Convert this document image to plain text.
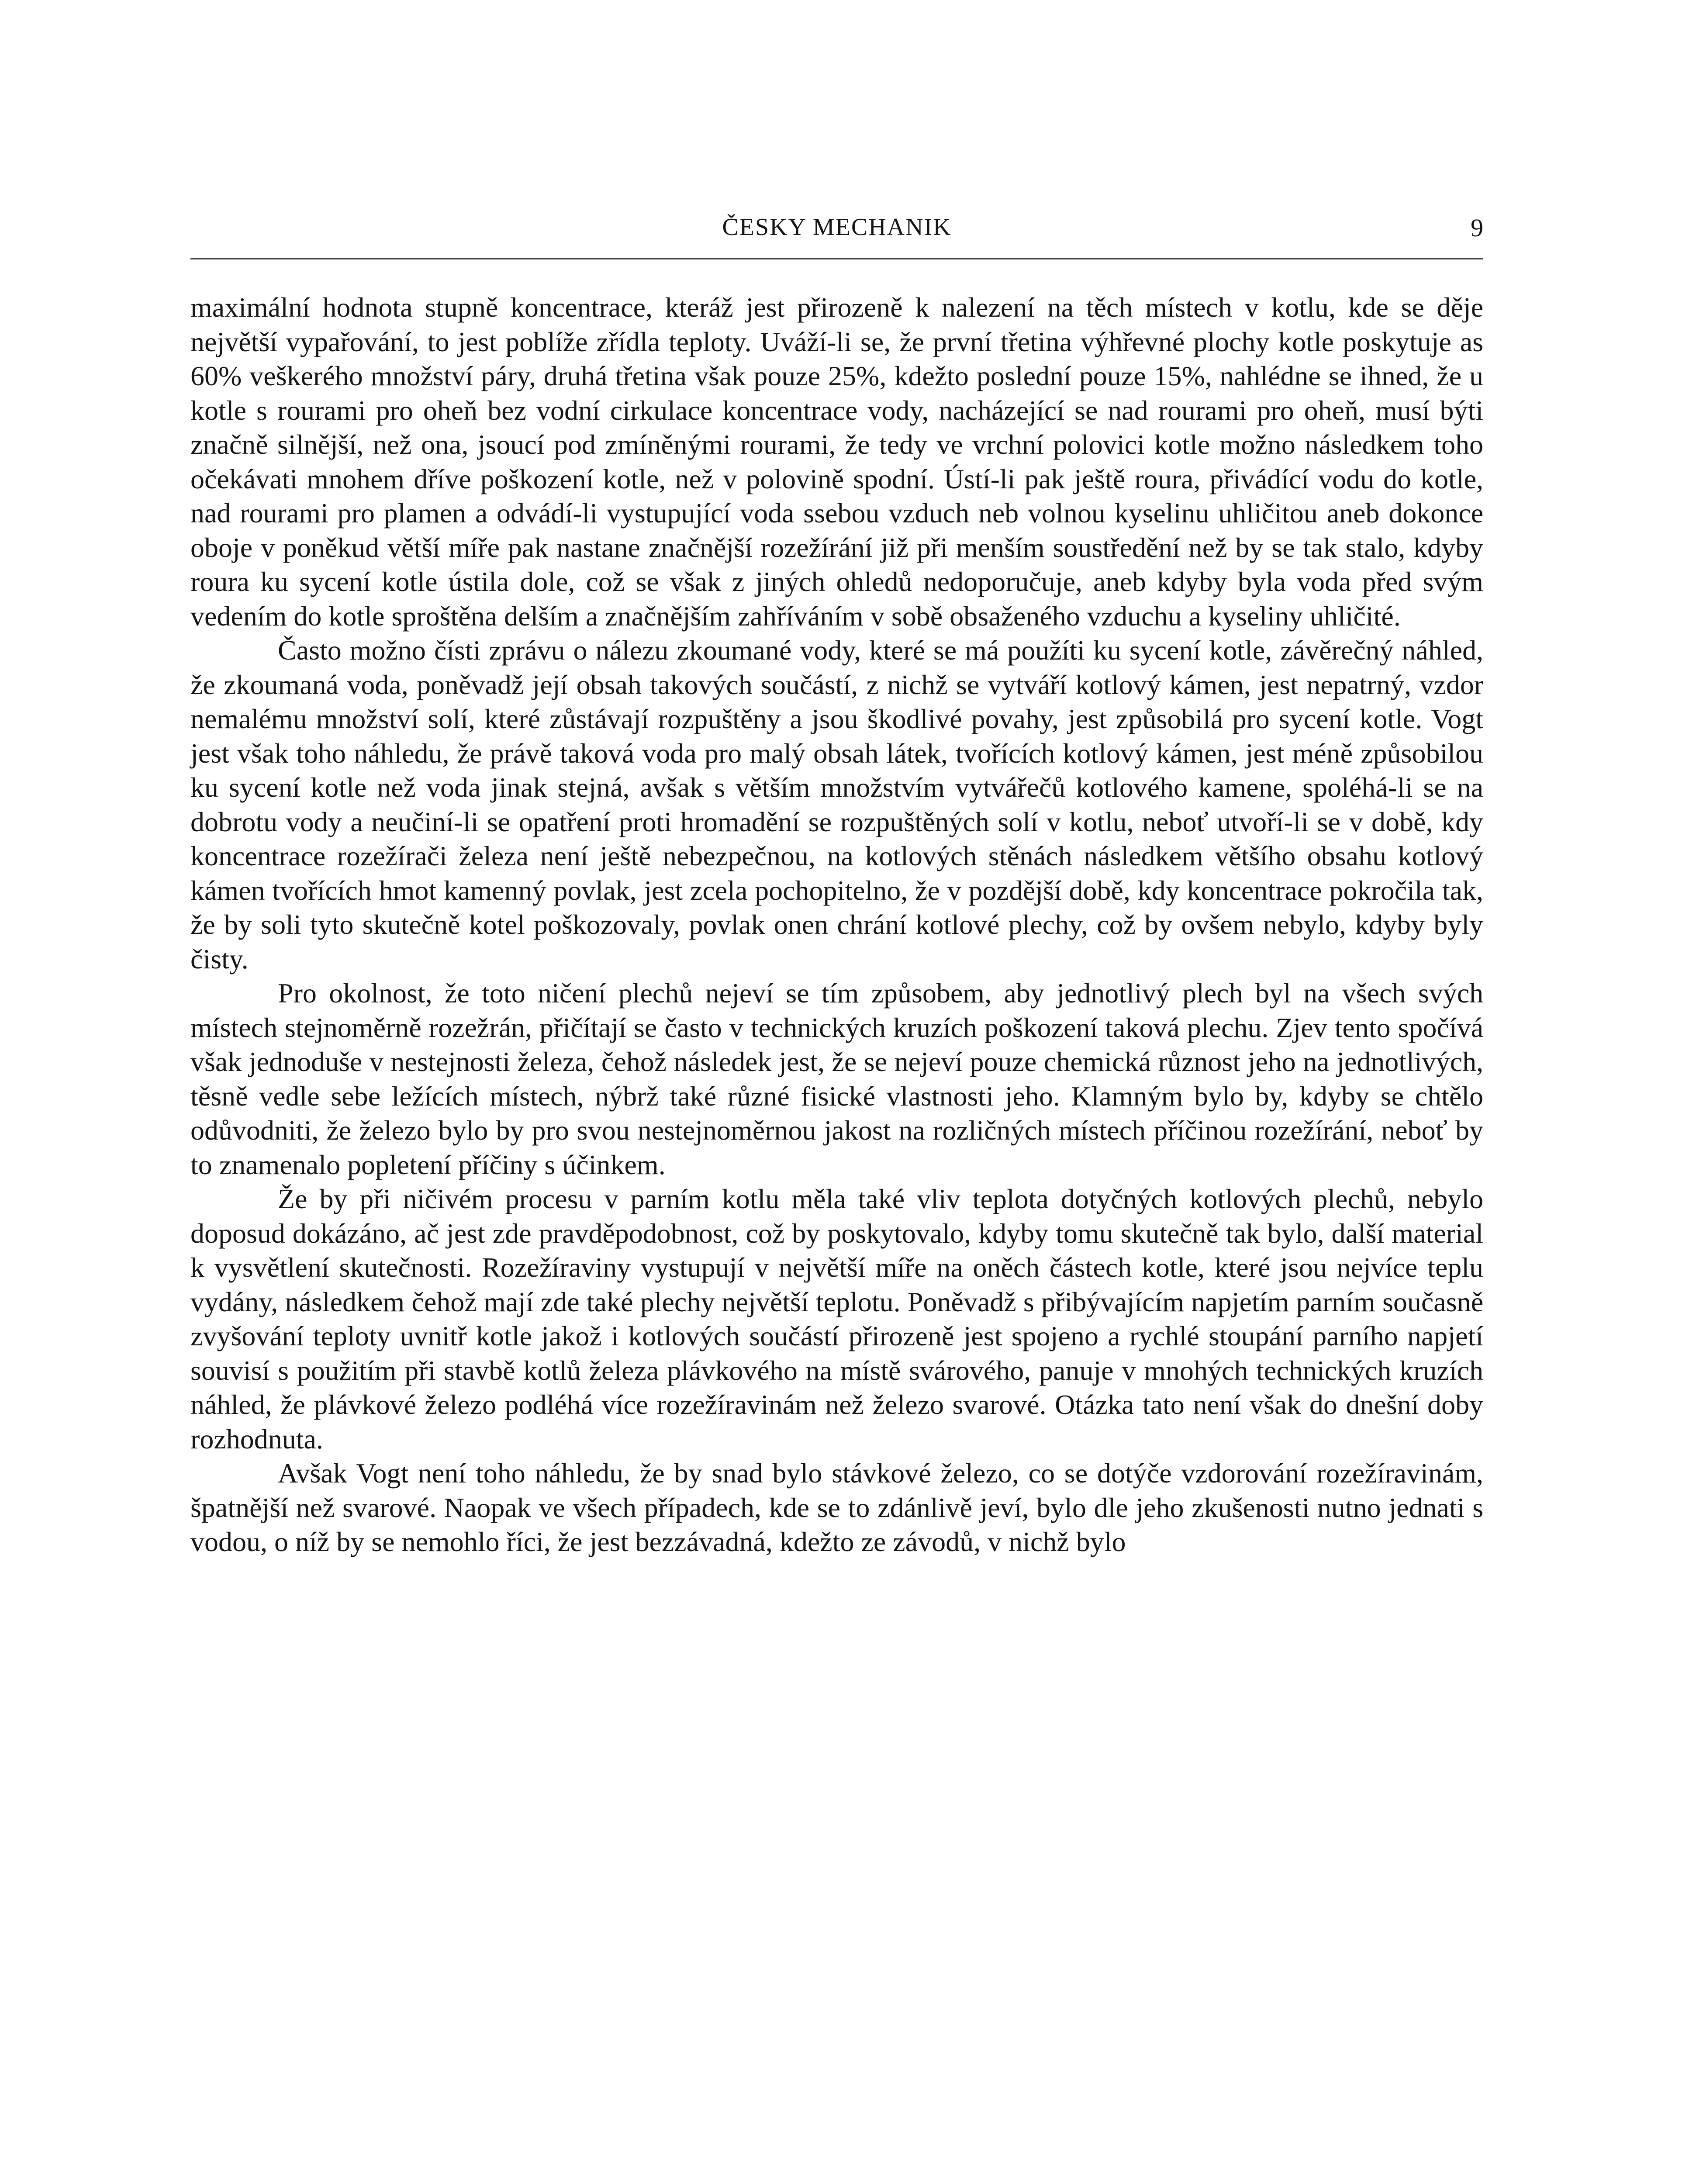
ČESKY MECHANIK	9

maximální hodnota stupně koncentrace, kteráž jest přirozeně k nalezení na těch místech v kotlu, kde se děje největší vypařování, to jest poblíže zřídla teploty. Uváží-li se, že první třetina výhřevné plochy kotle poskytuje as 60% veškerého množství páry, druhá třetina však pouze 25%, kdežto poslední pouze 15%, nahlédne se ihned, že u kotle s rourami pro oheň bez vodní cirkulace koncentrace vody, nacházející se nad rourami pro oheň, musí býti značně silnější, než ona, jsoucí pod zmíněnými rourami, že tedy ve vrchní polovici kotle možno následkem toho očekávati mnohem dříve poškození kotle, než v polovině spodní. Ústí-li pak ještě roura, přivádící vodu do kotle, nad rourami pro plamen a odvádí-li vystupující voda ssebou vzduch neb volnou kyselinu uhličitou aneb dokonce oboje v poněkud větší míře pak nastane značnější rozežírání již při menším soustředění než by se tak stalo, kdyby roura ku sycení kotle ústila dole, což se však z jiných ohledů nedoporučuje, aneb kdyby byla voda před svým vedením do kotle sproštěna delším a značnějším zahříváním v sobě obsaženého vzduchu a kyseliny uhličité.

Často možno čísti zprávu o nálezu zkoumané vody, které se má použíti ku sycení kotle, závěrečný náhled, že zkoumaná voda, poněvadž její obsah takových součástí, z nichž se vytváří kotlový kámen, jest nepatrný, vzdor nemalému množství solí, které zůstávají rozpuštěny a jsou škodlivé povahy, jest způsobilá pro sycení kotle. Vogt jest však toho náhledu, že právě taková voda pro malý obsah látek, tvořících kotlový kámen, jest méně způsobilou ku sycení kotle než voda jinak stejná, avšak s větším množstvím vytvářečů kotlového kamene, spoléhá-li se na dobrotu vody a neučiní-li se opatření proti hromadění se rozpuštěných solí v kotlu, neboť utvoří-li se v době, kdy koncentrace rozežírači železa není ještě nebezpečnou, na kotlových stěnách následkem většího obsahu kotlový kámen tvořících hmot kamenný povlak, jest zcela pochopitelno, že v pozdější době, kdy koncentrace pokročila tak, že by soli tyto skutečně kotel poškozovaly, povlak onen chrání kotlové plechy, což by ovšem nebylo, kdyby byly čisty.

Pro okolnost, že toto ničení plechů nejeví se tím způsobem, aby jednotlivý plech byl na všech svých místech stejnoměrně rozežrán, přičítají se často v technických kruzích poškození taková plechu. Zjev tento spočívá však jednoduše v nestejnosti železa, čehož následek jest, že se nejeví pouze chemická různost jeho na jednotlivých, těsně vedle sebe ležících místech, nýbrž také různé fisické vlastnosti jeho. Klamným bylo by, kdyby se chtělo odůvodniti, že železo bylo by pro svou nestejnoměrnou jakost na rozličných místech příčinou rozežírání, neboť by to znamenalo popletení příčiny s účinkem.

Že by při ničivém procesu v parním kotlu měla také vliv teplota dotyčných kotlových plechů, nebylo doposud dokázáno, ač jest zde pravděpodobnost, což by poskytovalo, kdyby tomu skutečně tak bylo, další material k vysvětlení skutečnosti. Rozežíraviny vystupují v největší míře na oněch částech kotle, které jsou nejvíce teplu vydány, následkem čehož mají zde také plechy největší teplotu. Poněvadž s přibývajícím napjetím parním současně zvyšování teploty uvnitř kotle jakož i kotlových součástí přirozeně jest spojeno a rychlé stoupání parního napjetí souvisí s použitím při stavbě kotlů železa plávkového na místě svárového, panuje v mnohých technických kruzích náhled, že plávkové železo podléhá více rozežíravinám než železo svarové. Otázka tato není však do dnešní doby rozhodnuta.

Avšak Vogt není toho náhledu, že by snad bylo stávkové železo, co se dotýče vzdorování rozežíravinám, špatnější než svarové. Naopak ve všech případech, kde se to zdánlivě jeví, bylo dle jeho zkušenosti nutno jednati s vodou, o níž by se nemohlo říci, že jest bezzávadná, kdežto ze závodů, v nichž bylo
